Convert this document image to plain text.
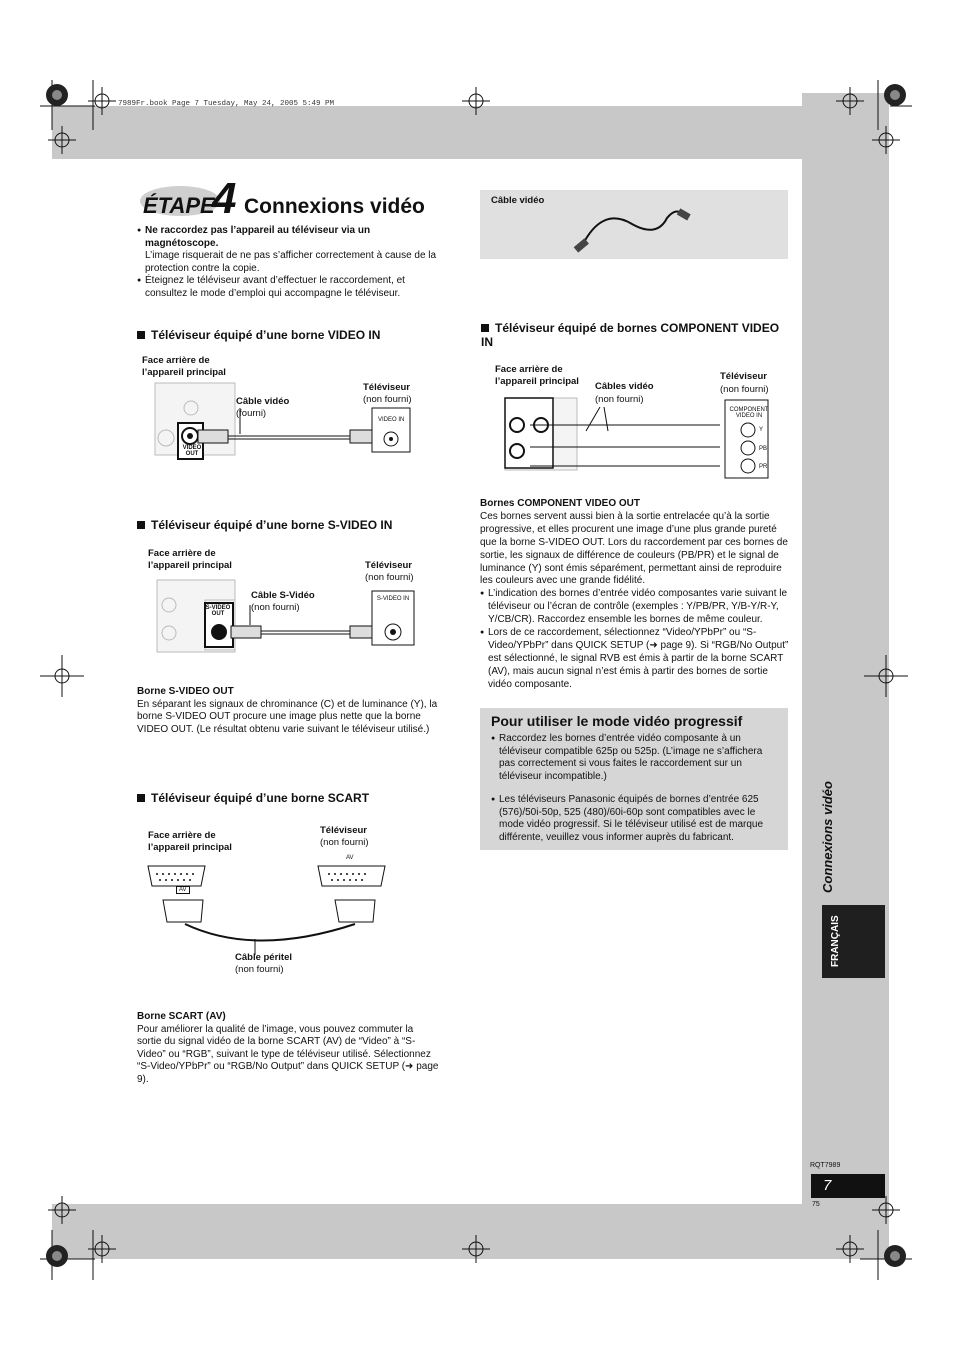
7989Fr.book Page 7 Tuesday, May 24, 2005 5:49 PM
ÉTAPE
4 Connexions vidéo

● Ne raccordez pas l’appareil au téléviseur via un magnétoscope.
L’image risquerait de ne pas s’afficher correctement à cause de la protection contre la copie.

● Éteignez le téléviseur avant d’effectuer le raccordement, et consultez le mode d’emploi qui accompagne le téléviseur.

Téléviseur équipé d’une borne VIDEO IN
Face arrière de l’appareil principal
Câble vidéo
(fourni)
Téléviseur
(non fourni)
VIDEO IN
VIDEO OUT
Téléviseur équipé d’une borne S-VIDEO IN
Face arrière de l’appareil principal
Câble S-Vidéo
(non fourni)
Téléviseur
(non fourni)
S-VIDEO IN
S-VIDEO OUT

Borne S-VIDEO OUT

En séparant les signaux de chrominance (C) et de luminance (Y), la borne S-VIDEO OUT procure une image plus nette que la borne VIDEO OUT. (Le résultat obtenu varie suivant le téléviseur utilisé.)

Téléviseur équipé d’une borne SCART
Face arrière de l’appareil principal
Téléviseur
(non fourni)
AV
AV
Câble péritel
(non fourni)

Borne SCART (AV)

Pour améliorer la qualité de l’image, vous pouvez commuter la sortie du signal vidéo de la borne SCART (AV) de “Video” à “S-Video” ou “RGB”, suivant le type de téléviseur utilisé. Sélectionnez “S-Video/YPbPr” ou “RGB/No Output” dans QUICK SETUP (➜ page 9).

Câble vidéo
Téléviseur équipé de bornes COMPONENT VIDEO IN
Face arrière de l’appareil principal	Câbles vidéo
(non fourni)
Téléviseur
(non fourni)
COMPONENT VIDEO IN
Y
PB
PR

Bornes COMPONENT VIDEO OUT

Ces bornes servent aussi bien à la sortie entrelacée qu’à la sortie progressive, et elles procurent une image d’une plus grande pureté que la borne S-VIDEO OUT. Lors du raccordement par ces bornes de sortie, les signaux de différence de couleurs (PB/PR) et le signal de luminance (Y) sont émis séparément, permettant ainsi de reproduire les couleurs avec une grande fidélité.

● L’indication des bornes d’entrée vidéo composantes varie suivant le téléviseur ou l’écran de contrôle (exemples : Y/PB/PR, Y/B-Y/R-Y, Y/CB/CR). Raccordez ensemble les bornes de même couleur.

● Lors de ce raccordement, sélectionnez “Video/YPbPr” ou “S-Video/YPbPr” dans QUICK SETUP (➜ page 9). Si “RGB/No Output” est sélectionné, le signal RVB est émis à partir de la borne SCART (AV), mais aucun signal n’est émis à partir des bornes de sortie vidéo composante.

Pour utiliser le mode vidéo progressif

● Raccordez les bornes d’entrée vidéo composante à un téléviseur compatible 625p ou 525p. (L’image ne s’affichera pas correctement si vous faites le raccordement sur un téléviseur incompatible.)

● Les téléviseurs Panasonic équipés de bornes d’entrée 625 (576)/50i-50p, 525 (480)/60i-60p sont compatibles avec le mode vidéo progressif. Si le téléviseur utilisé est de marque différente, veuillez vous informer auprès du fabricant.	Connexions vidéo
FRANÇAIS
RQT7989
7
75
